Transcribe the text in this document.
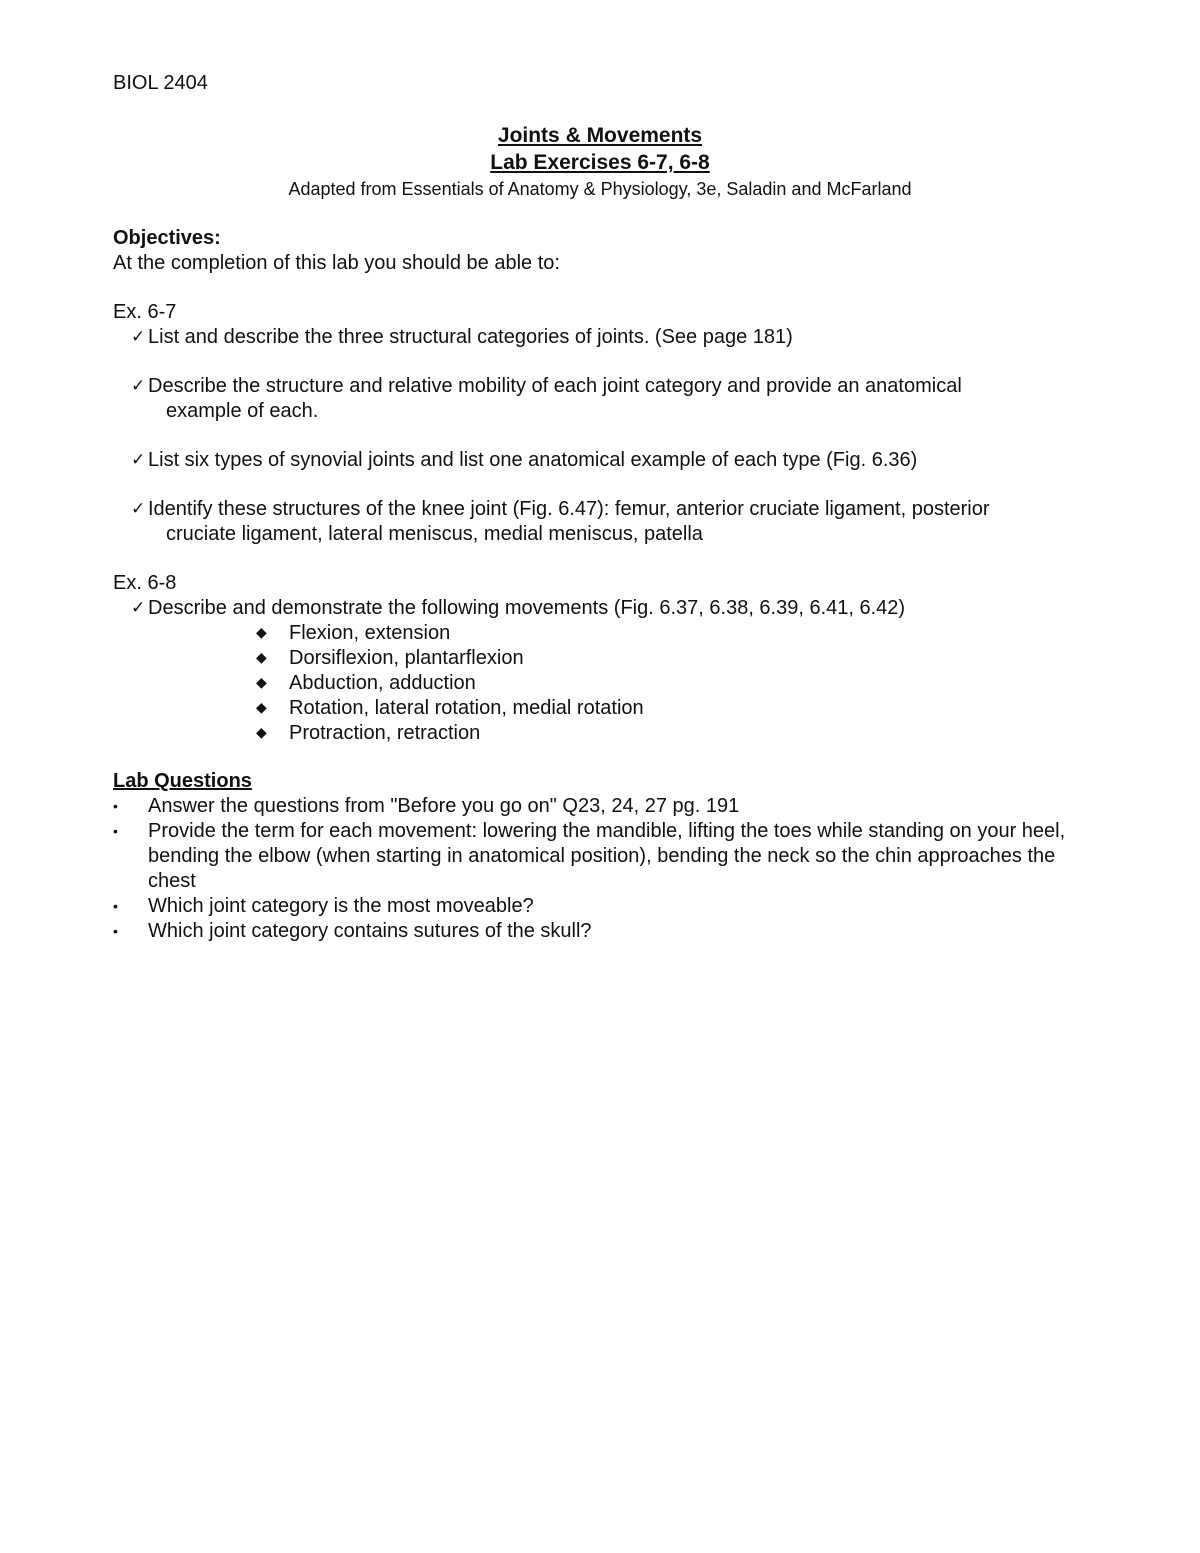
BIOL 2404
Joints & Movements
Lab Exercises 6-7, 6-8
Adapted from Essentials of Anatomy & Physiology, 3e, Saladin and McFarland
Objectives:
At the completion of this lab you should be able to:
Ex. 6-7
✓ List and describe the three structural categories of joints. (See page 181)
✓ Describe the structure and relative mobility of each joint category and provide an anatomical
example of each.
✓ List six types of synovial joints and list one anatomical example of each type (Fig. 6.36)
✓ Identify these structures of the knee joint (Fig. 6.47): femur, anterior cruciate ligament, posterior
cruciate ligament, lateral meniscus, medial meniscus, patella
Ex. 6-8
✓ Describe and demonstrate the following movements (Fig. 6.37, 6.38, 6.39, 6.41, 6.42)
◆ Flexion, extension
◆ Dorsiflexion, plantarflexion
◆ Abduction, adduction
◆ Rotation, lateral rotation, medial rotation
◆ Protraction, retraction
Lab Questions
• Answer the questions from "Before you go on" Q23, 24, 27 pg. 191
• Provide the term for each movement: lowering the mandible, lifting the toes while standing on your heel, bending the elbow (when starting in anatomical position), bending the neck so the chin approaches the chest
• Which joint category is the most moveable?
• Which joint category contains sutures of the skull?
